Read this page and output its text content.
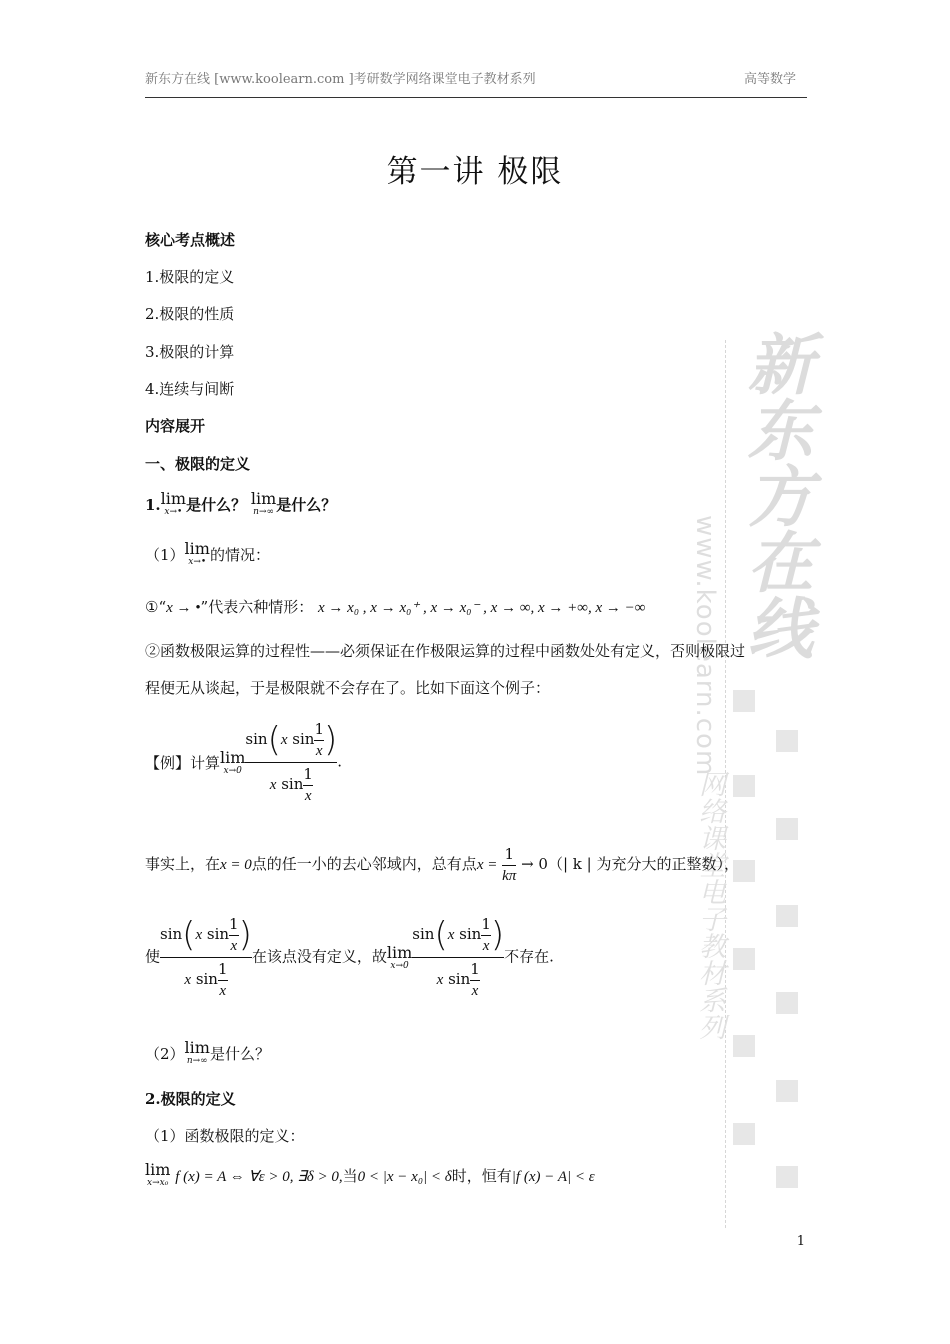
新东方在线 [www.koolearn.com ]考研数学网络课堂电子教材系列	高等数学
新东方在线
www.koolearn.com
网络课堂电子教材系列
第一讲 极限
核心考点概述
1.极限的定义
2.极限的性质
3.极限的计算
4.连续与间断
内容展开
一、极限的定义
1. lim
x→• 是什么？ lim
n→∞ 是什么？
（1） lim
x→• 的情况：
①“x → •”代表六种情形： x → x₀ , x → x₀⁺ , x → x₀⁻ , x → ∞, x → +∞, x → −∞
②函数极限运算的过程性——必须保证在作极限运算的过程中函数处处有定义，否则极限过
程便无从谈起，于是极限就不会存在了。比如下面这个例子：
【例】计算 lim
$x\to 0 \frac{\sin(x \sin \frac{1}{x} )}{x \sin \frac{1}{x}}$ .
事实上，在x = 0点的任一小的去心邻域内，总有点$x = \frac{1}{k\pi} \to 0(|$ k | 为充分大的正整数），
使 $\frac{\sin(x \sin \frac{1}{x} )}{x \sin \frac{1}{x}}$ 在该点没有定义，故 lim
$x\to 0 \frac{\sin(x \sin \frac{1}{x} )}{x \sin \frac{1}{x}}$ 不存在.
（2） lim
n→∞ 是什么？
2.极限的定义
（1）函数极限的定义：
lim
x→x₀ f (x) = A ⇔ ∀ε > 0, ∃δ > 0,当0 < |x − x₀| < δ时，恒有|f (x) − A| < ε
1
